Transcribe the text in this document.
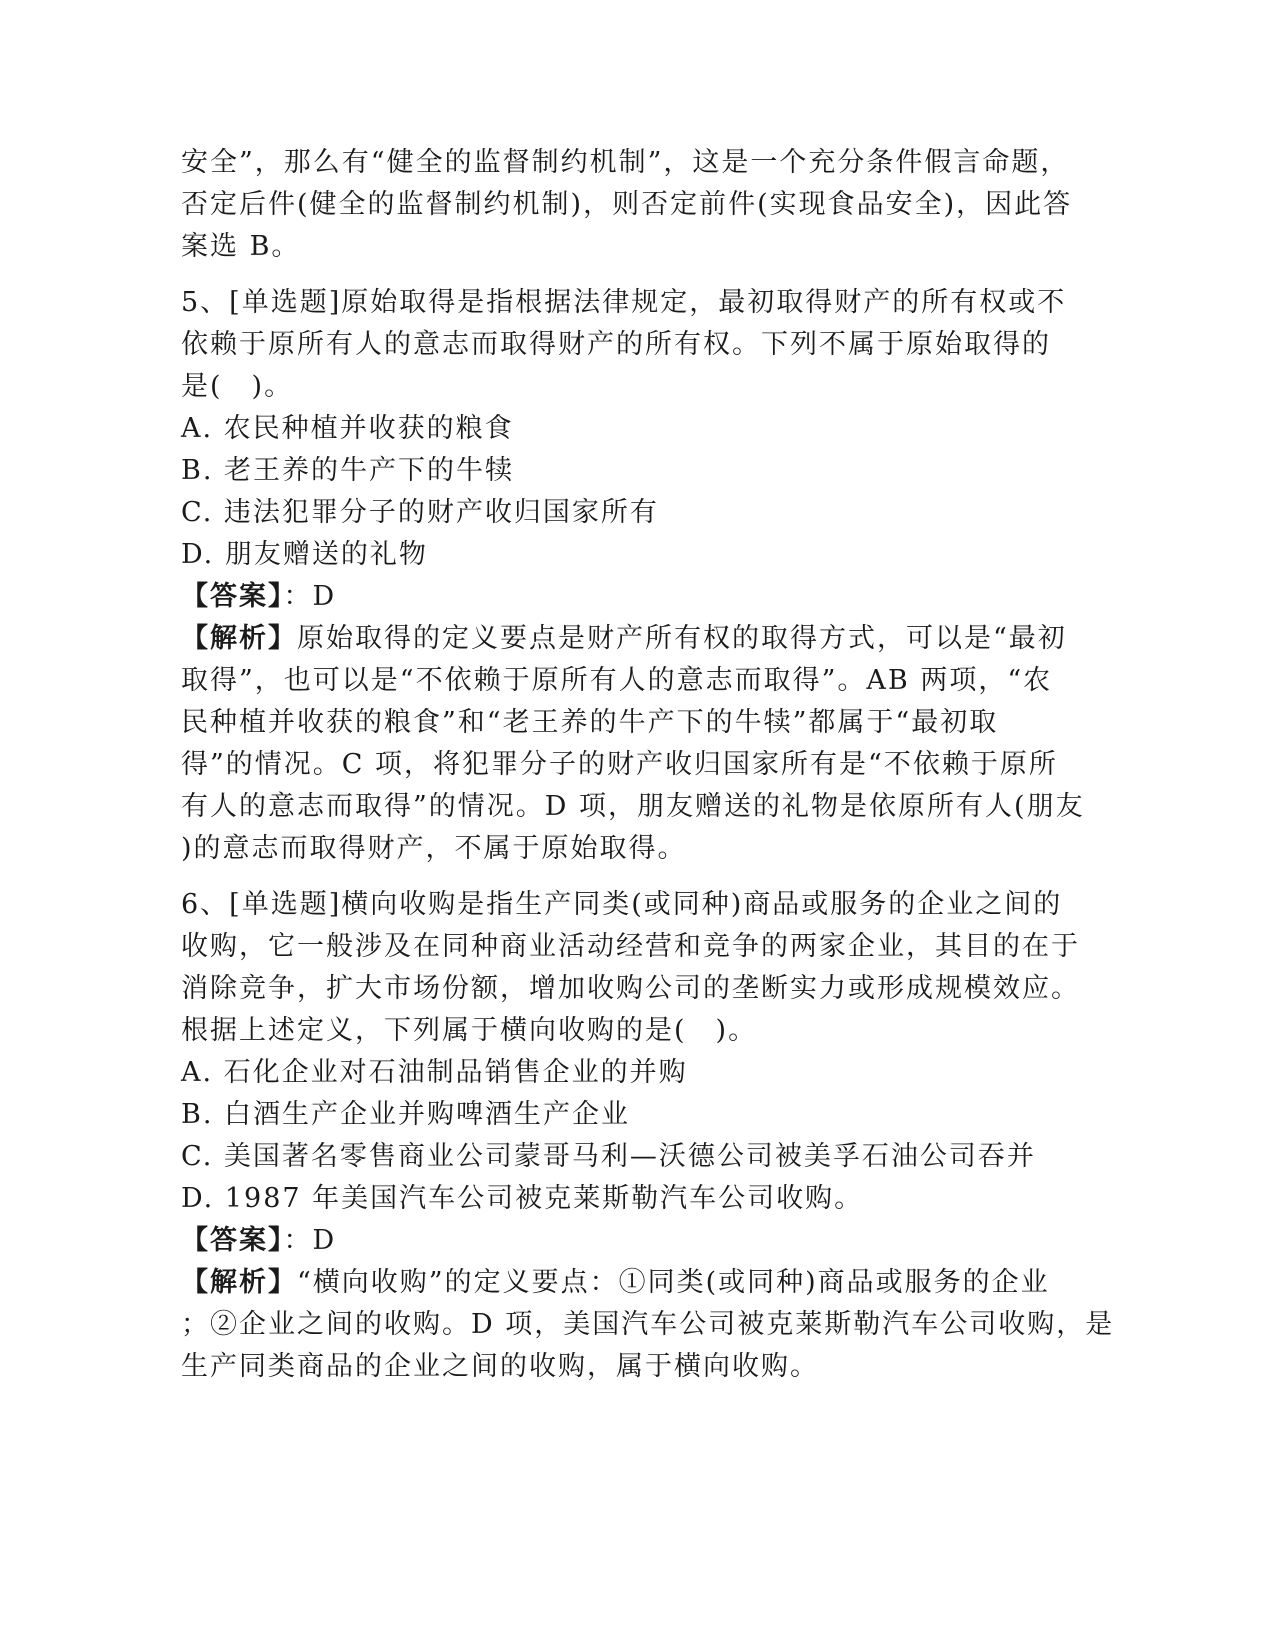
安全”，那么有“健全的监督制约机制”，这是一个充分条件假言命题，
否定后件(健全的监督制约机制)，则否定前件(实现食品安全)，因此答
案选 B。
5、[单选题]原始取得是指根据法律规定，最初取得财产的所有权或不
依赖于原所有人的意志而取得财产的所有权。下列不属于原始取得的
是(　)。
A. 农民种植并收获的粮食
B. 老王养的牛产下的牛犊
C. 违法犯罪分子的财产收归国家所有
D. 朋友赠送的礼物
【答案】：D
【解析】原始取得的定义要点是财产所有权的取得方式，可以是“最初
取得”，也可以是“不依赖于原所有人的意志而取得”。AB 两项，“农
民种植并收获的粮食”和“老王养的牛产下的牛犊”都属于“最初取
得”的情况。C 项，将犯罪分子的财产收归国家所有是“不依赖于原所
有人的意志而取得”的情况。D 项，朋友赠送的礼物是依原所有人(朋友
)的意志而取得财产，不属于原始取得。
6、[单选题]横向收购是指生产同类(或同种)商品或服务的企业之间的
收购，它一般涉及在同种商业活动经营和竞争的两家企业，其目的在于
消除竞争，扩大市场份额，增加收购公司的垄断实力或形成规模效应。
根据上述定义，下列属于横向收购的是(　)。
A. 石化企业对石油制品销售企业的并购
B. 白酒生产企业并购啤酒生产企业
C. 美国著名零售商业公司蒙哥马利—沃德公司被美孚石油公司吞并
D. 1987 年美国汽车公司被克莱斯勒汽车公司收购。
【答案】：D
【解析】“横向收购”的定义要点：①同类(或同种)商品或服务的企业
；②企业之间的收购。D 项，美国汽车公司被克莱斯勒汽车公司收购，是
生产同类商品的企业之间的收购，属于横向收购。
